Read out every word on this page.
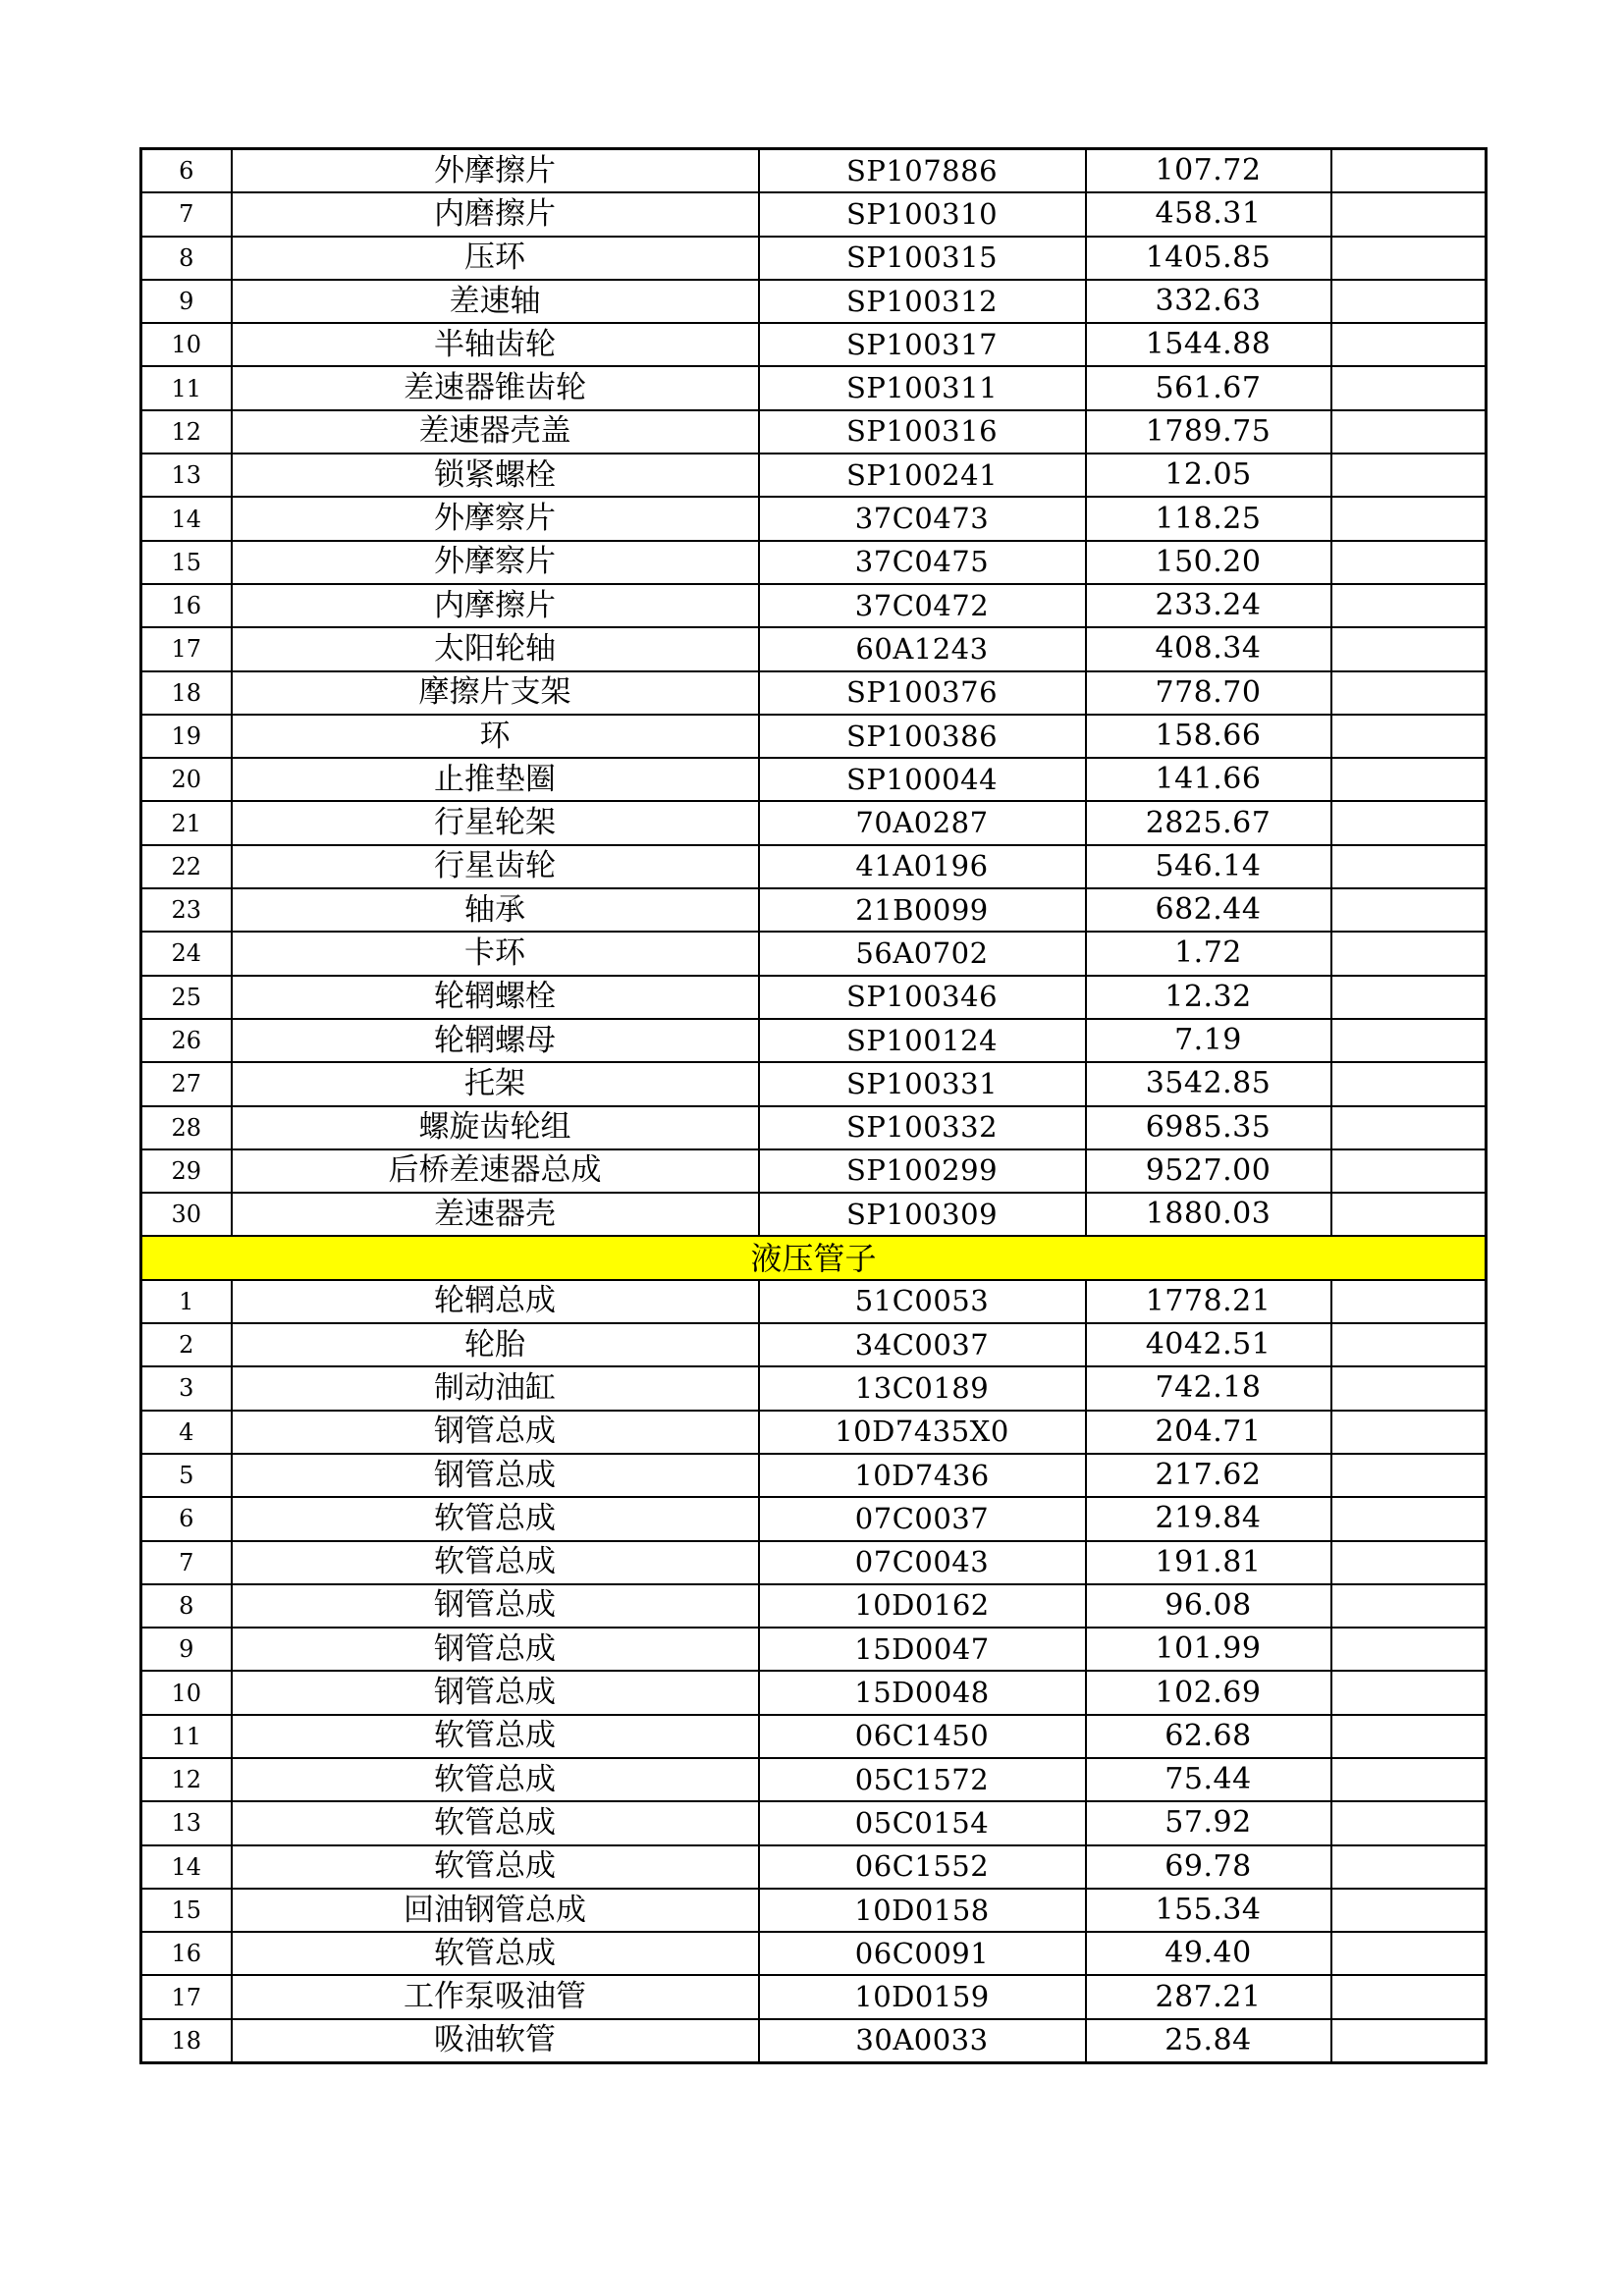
6	外摩擦片	SP107886	107.72	
7	内磨擦片	SP100310	458.31	
8	压环	SP100315	1405.85	
9	差速轴	SP100312	332.63	
10	半轴齿轮	SP100317	1544.88	
11	差速器锥齿轮	SP100311	561.67	
12	差速器壳盖	SP100316	1789.75	
13	锁紧螺栓	SP100241	12.05	
14	外摩察片	37C0473	118.25	
15	外摩察片	37C0475	150.20	
16	内摩擦片	37C0472	233.24	
17	太阳轮轴	60A1243	408.34	
18	摩擦片支架	SP100376	778.70	
19	环	SP100386	158.66	
20	止推垫圈	SP100044	141.66	
21	行星轮架	70A0287	2825.67	
22	行星齿轮	41A0196	546.14	
23	轴承	21B0099	682.44	
24	卡环	56A0702	1.72	
25	轮辋螺栓	SP100346	12.32	
26	轮辋螺母	SP100124	7.19	
27	托架	SP100331	3542.85	
28	螺旋齿轮组	SP100332	6985.35	
29	后桥差速器总成	SP100299	9527.00	
30	差速器壳	SP100309	1880.03	
液压管子				
1	轮辋总成	51C0053	1778.21	
2	轮胎	34C0037	4042.51	
3	制动油缸	13C0189	742.18	
4	钢管总成	10D7435X0	204.71	
5	钢管总成	10D7436	217.62	
6	软管总成	07C0037	219.84	
7	软管总成	07C0043	191.81	
8	钢管总成	10D0162	96.08	
9	钢管总成	15D0047	101.99	
10	钢管总成	15D0048	102.69	
11	软管总成	06C1450	62.68	
12	软管总成	05C1572	75.44	
13	软管总成	05C0154	57.92	
14	软管总成	06C1552	69.78	
15	回油钢管总成	10D0158	155.34	
16	软管总成	06C0091	49.40	
17	工作泵吸油管	10D0159	287.21	
18	吸油软管	30A0033	25.84	
